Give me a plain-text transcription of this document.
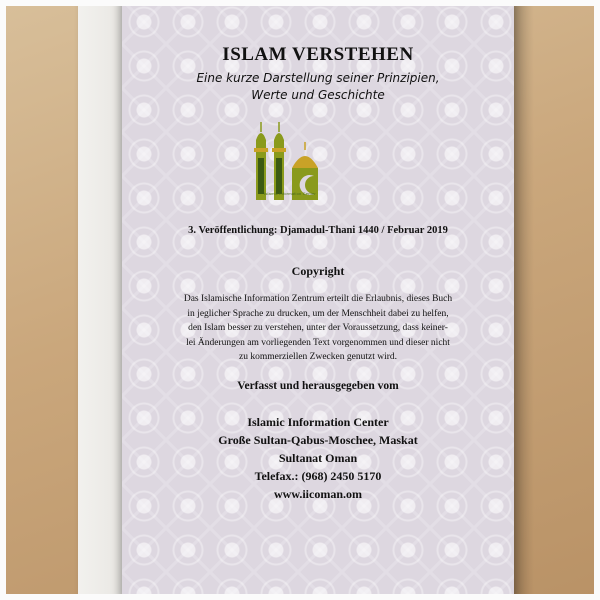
ISLAM VERSTEHEN
Eine kurze Darstellung seiner Prinzipien,
Werte und Geschichte
Islamic Information Center
3. Veröffentlichung: Djamadul-Thani 1440 / Februar 2019
Copyright
Das Islamische Information Zentrum erteilt die Erlaubnis, dieses Buch
in jeglicher Sprache zu drucken, um der Menschheit dabei zu helfen,
den Islam besser zu verstehen, unter der Voraussetzung, dass keiner-
lei Änderungen am vorliegenden Text vorgenommen und dieser nicht
zu kommerziellen Zwecken genutzt wird.
Verfasst und herausgegeben vom
Islamic Information Center
Große Sultan-Qabus-Moschee, Maskat
Sultanat Oman
Telefax.: (968) 2450 5170
www.iicoman.om
